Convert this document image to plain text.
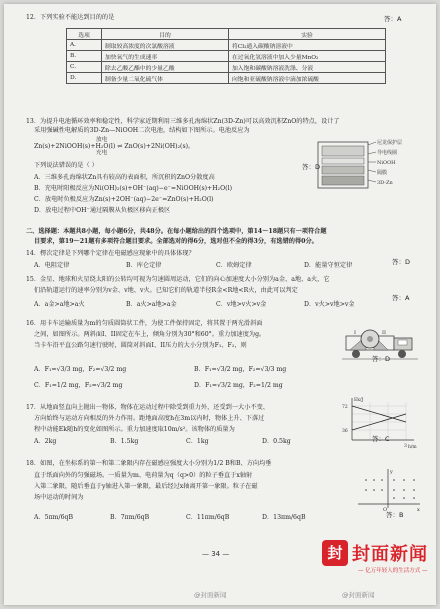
12．下列实验不能达到目的的是	答：A
选项	目的	实验
A.	制取较高浓度的次氯酸溶液	将Cl₂通入碳酸钠溶液中
B.	加快氧气的生成速率	在过氧化氢溶液中加入少量MnO₂
C.	除去乙酸乙酯中的少量乙酸	加入饱和碳酸钠溶液洗涤、分液
D.	制备少量二氧化硫气体	向饱和亚硫酸钠溶液中滴加浓硫酸
13．为提升电池循环效率和稳定性，科学家近期利用三维多孔海绵状Zn(3D-Zn)可以高效沉积ZnO的特点，设计了
采用强碱性电解质的3D-Zn—NiOOH二次电池，结构如下图所示。电池反应为
放电
Zn(s)+2NiOOH(s)+H₂O(l) ⇌ ZnO(s)+2Ni(OH)₂(s)。
充电
尼龙保护层
导电线圈
NiOOH
隔膜
3D-Zn
下列说法错误的是（ ）	答：D
A．三维多孔海绵状Zn具有较高的表面积，所沉积的ZnO分散度高
B．充电时阳极反应为Ni(OH)₂(s)+OH⁻(aq)−e⁻=NiOOH(s)+H₂O(l)
C．放电时负极反应为Zn(s)+2OH⁻(aq)−2e⁻=ZnO(s)+H₂O(l)
D．放电过程中OH⁻通过隔膜从负极区移向正极区
二、选择题：本题共8小题，每小题6分，共48分。在每小题给出的四个选项中，第14～18题只有一项符合题
目要求，第19～21题有多项符合题目要求。全部选对的得6分，选对但不全的得3分，有选错的得0分。
14．楞次定律是下列哪个定律在电磁感应现象中的具体体现？
答：D
A．电阻定律	B．库仑定律	C．欧姆定律	D．能量守恒定律
15．金星、地球和火星绕太阳的公转均可视为匀速圆周运动，它们的向心加速度大小分别为a金、a地、a火，它
们沿轨道运行的速率分别为v金、v地、v火。已知它们的轨道半径R金<R地<R火，由此可以判定
答：A
A．a金>a地>a火	B．a火>a地>a金	C．v地>v火>v金	D．v火>v地>v金
16．用卡车运输质量为m的匀质圆筒状工件，为使工件保持固定，将其置于两光滑斜面
之间，如图所示。两斜面I、II固定在车上，倾角分别为30°和60°。重力加速度为g。
当卡车沿平直公路匀速行驶时，圆筒对斜面I、II压力的大小分别为F₁、F₂，则
I	II
答：D
A．F₁=√3/3 mg，F₂=√3/2 mg	B．F₁=√3/2 mg，F₂=√3/3 mg
C．F₁=1/2 mg，F₂=√3/2 mg	D．F₁=√3/2 mg，F₂=1/2 mg
17．从地面竖直向上抛出一物体，物体在运动过程中除受到重力外，还受到一大小不变、
方向始终与运动方向相反的外力作用。距地面高度h在3m以内时，物体上升、下落过
程中动能Ek随h的变化如图所示。重力加速度取10m/s²。该物体的质量为
Ek/J
72
36
h/m
3
答：C
A．2kg	B．1.5kg	C．1kg	D．0.5kg
18．如图，在坐标系的第一和第二象限内存在磁感应强度大小分别为1/2 B和B、方向均垂
直于纸面向外的匀强磁场。一质量为m、电荷量为q（q>0）的粒子垂直于x轴射
入第二象限，随后垂直于y轴进入第一象限，最后经过x轴离开第一象限。粒子在磁
场中运动的时间为
y
x
O
答：B
A．5πm/6qB	B．7πm/6qB	C．11πm/6qB	D．13πm/6qB
— 34 —	封 封面新闻
— 亿万年轻人的生活方式 —
@封面新闻	@封面新闻
